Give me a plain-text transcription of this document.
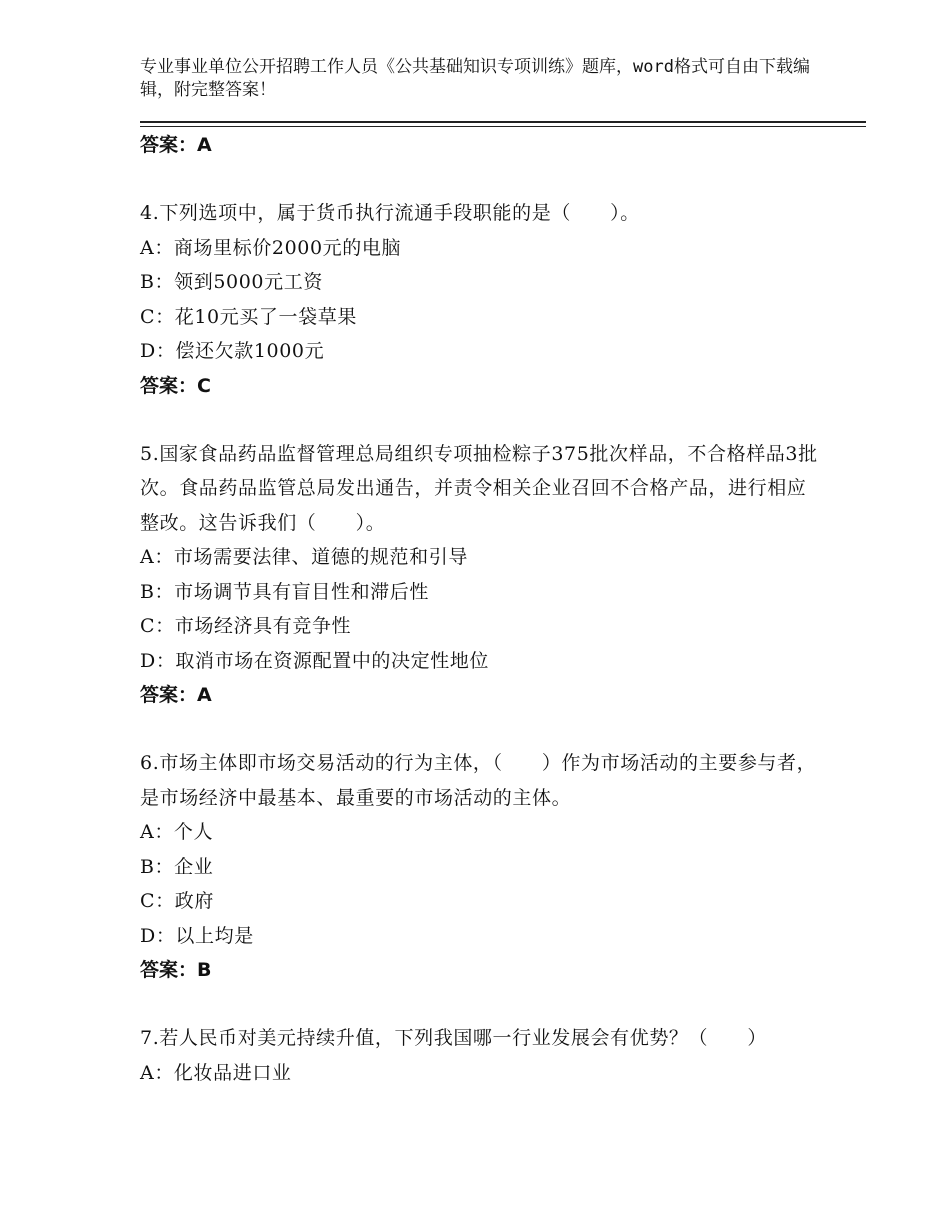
专业事业单位公开招聘工作人员《公共基础知识专项训练》题库，word格式可自由下载编辑，附完整答案！
答案：A
4.下列选项中，属于货币执行流通手段职能的是（　　）。
A：商场里标价2000元的电脑
B：领到5000元工资
C：花10元买了一袋草果
D：偿还欠款1000元
答案：C
5.国家食品药品监督管理总局组织专项抽检粽子375批次样品，不合格样品3批次。食品药品监管总局发出通告，并责令相关企业召回不合格产品，进行相应整改。这告诉我们（　　）。
A：市场需要法律、道德的规范和引导
B：市场调节具有盲目性和滞后性
C：市场经济具有竞争性
D：取消市场在资源配置中的决定性地位
答案：A
6.市场主体即市场交易活动的行为主体，（　　）作为市场活动的主要参与者，是市场经济中最基本、最重要的市场活动的主体。
A：个人
B：企业
C：政府
D：以上均是
答案：B
7.若人民币对美元持续升值，下列我国哪一行业发展会有优势？（　　）
A：化妆品进口业
